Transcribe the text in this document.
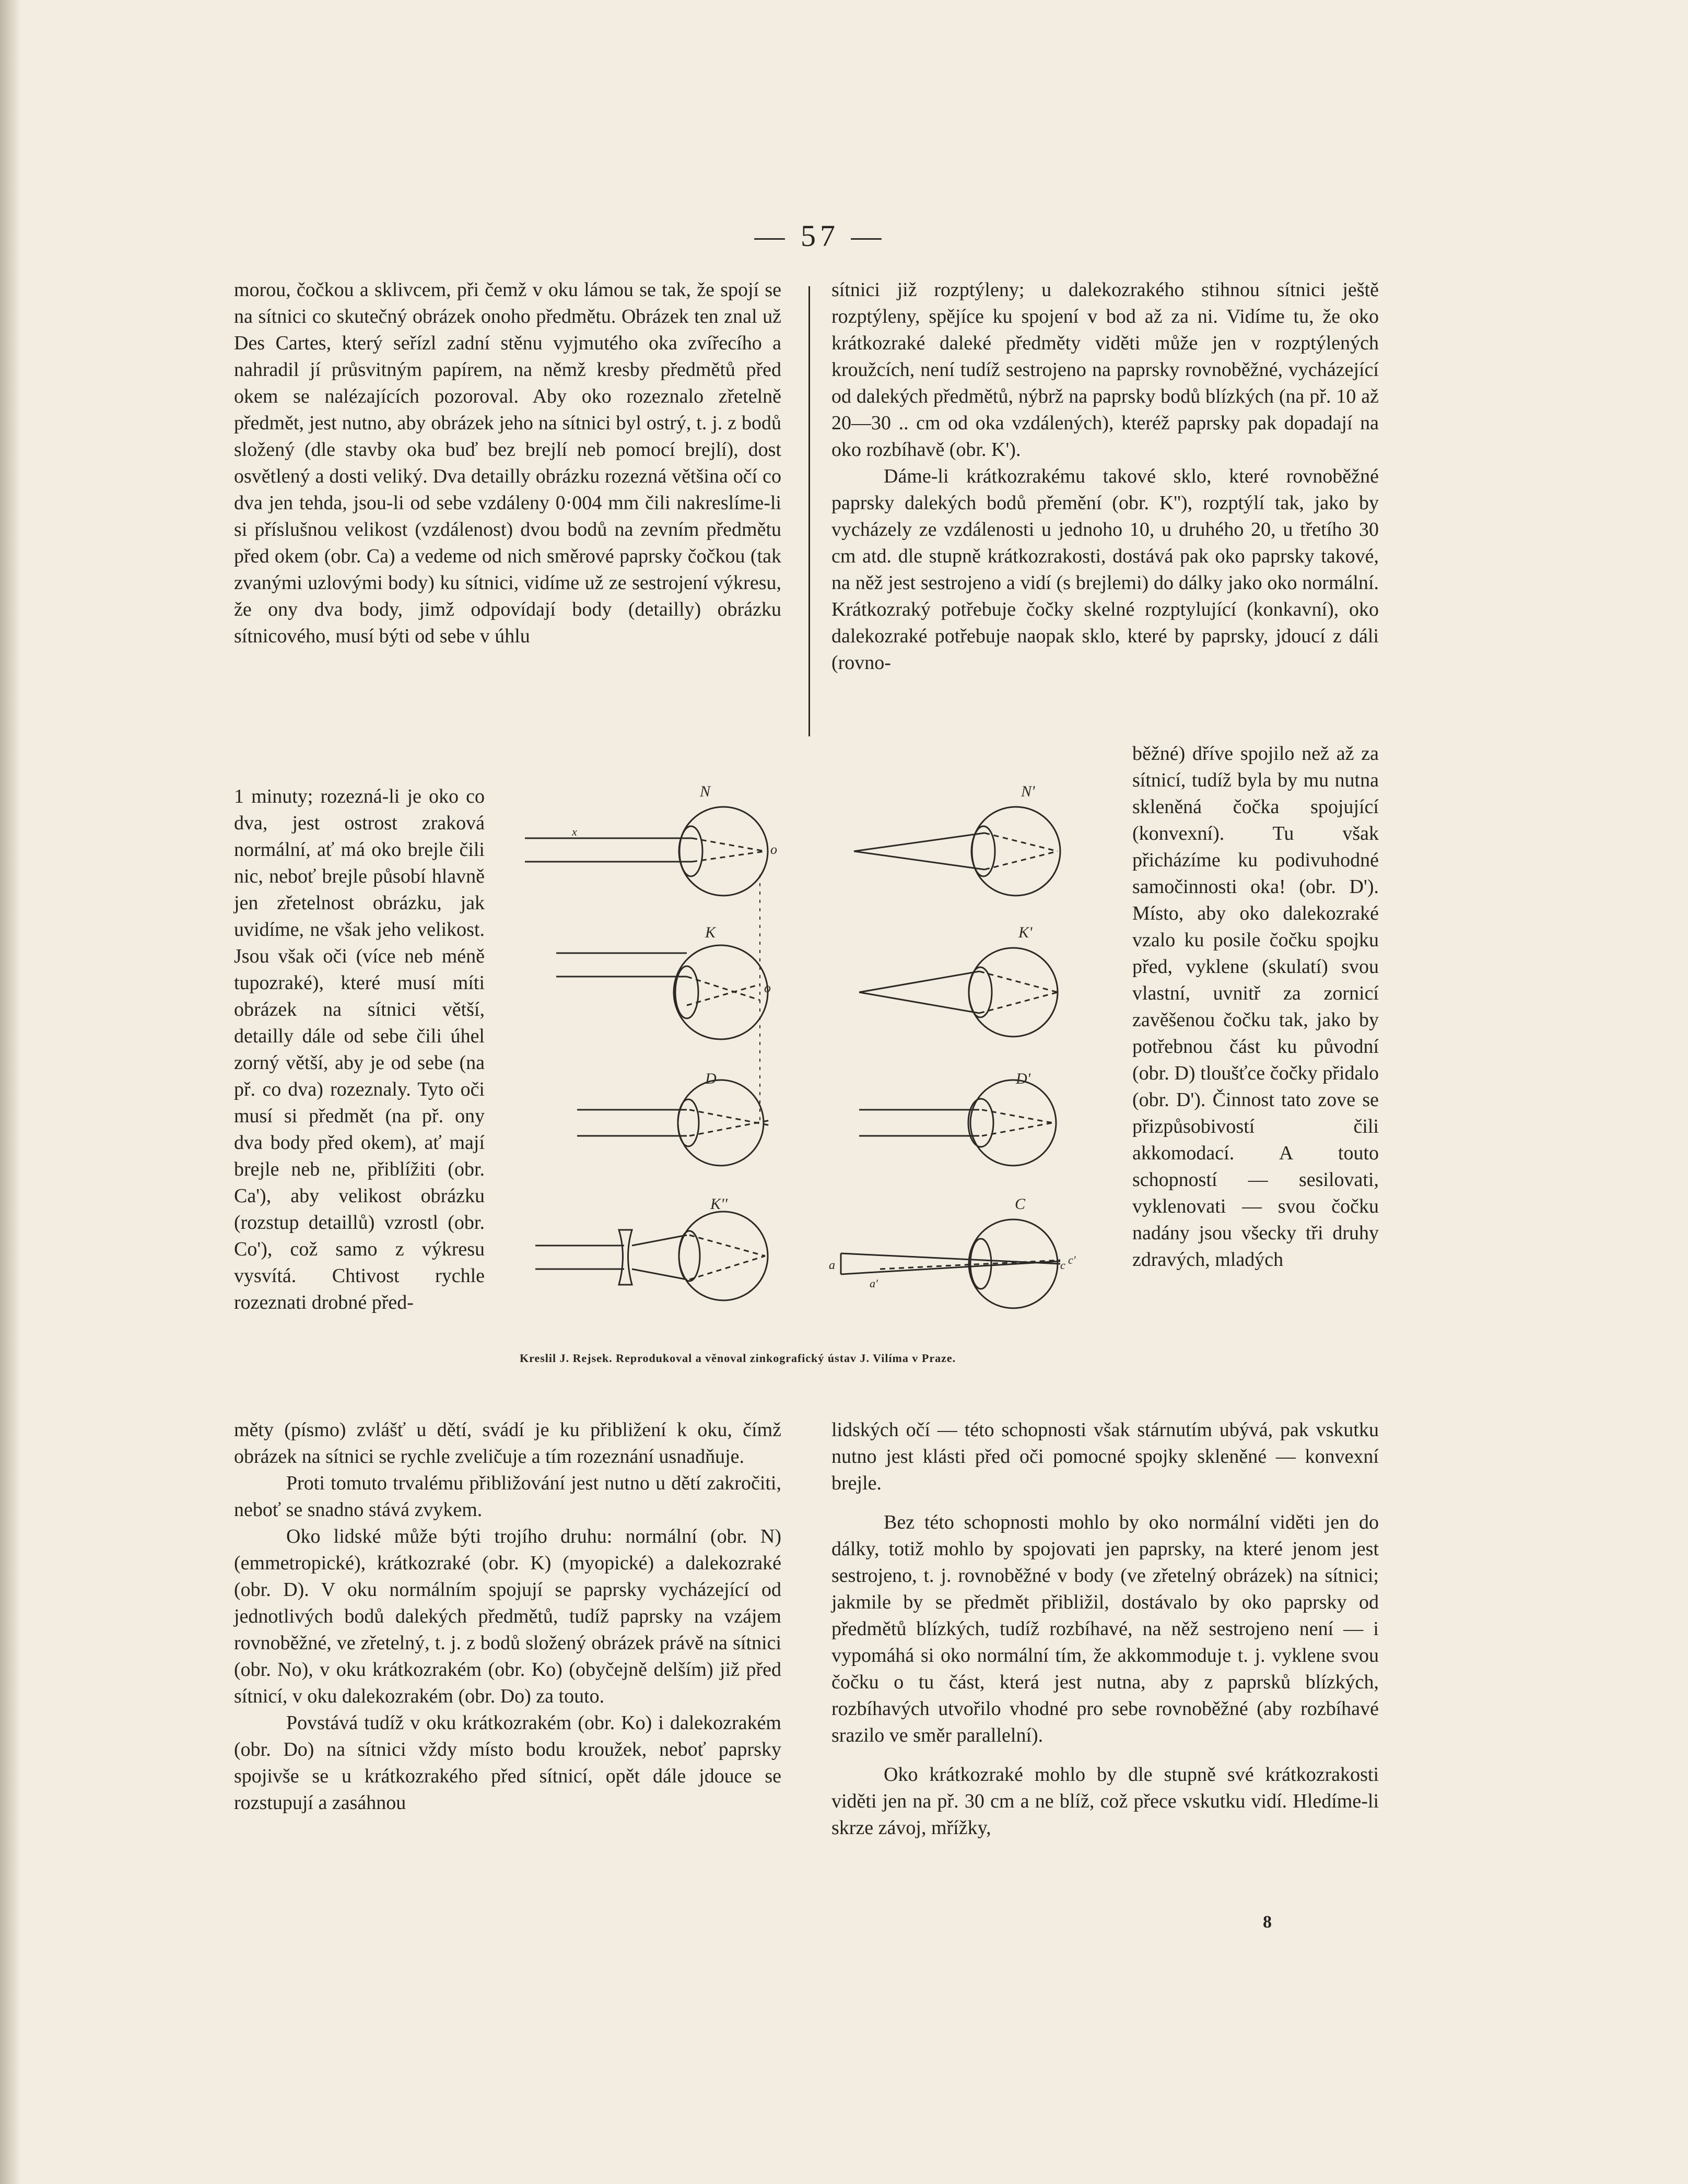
— 57 —

morou, čočkou a sklivcem, při čemž v oku lámou se tak, že spojí se na sítnici co skutečný obrázek onoho předmětu. Obrázek ten znal už Des Cartes, který seřízl zadní stěnu vyjmutého oka zvířecího a nahradil jí průsvitným papírem, na němž kresby předmětů před okem se nalézajících pozoroval. Aby oko rozeznalo zřetelně předmět, jest nutno, aby obrázek jeho na sítnici byl ostrý, t. j. z bodů složený (dle stavby oka buď bez brejlí neb pomocí brejlí), dost osvětlený a dosti veliký. Dva detailly obrázku rozezná většina očí co dva jen tehda, jsou-li od sebe vzdáleny 0·004 mm čili nakreslíme-li si příslušnou velikost (vzdálenost) dvou bodů na zevním předmětu před okem (obr. Ca) a vedeme od nich směrové paprsky čočkou (tak zvanými uzlovými body) ku sítnici, vidíme už ze sestrojení výkresu, že ony dva body, jimž odpovídají body (detailly) obrázku sítnicového, musí býti od sebe v úhlu

1 minuty; rozezná-li je oko co dva, jest ostrost zraková normální, ať má oko brejle čili nic, neboť brejle působí hlavně jen zřetelnost obrázku, jak uvidíme, ne však jeho velikost. Jsou však oči (více neb méně tupozraké), které musí míti obrázek na sítnici větší, detailly dále od sebe čili úhel zorný větší, aby je od sebe (na př. co dva) rozeznaly. Tyto oči musí si předmět (na př. ony dva body před okem), ať mají brejle neb ne, přiblížiti (obr. Ca'), aby velikost obrázku (rozstup detaillů) vzrostl (obr. Co'), což samo z výkresu vysvítá. Chtivost rychle rozeznati drobné před-

měty (písmo) zvlášť u dětí, svádí je ku přibližení k oku, čímž obrázek na sítnici se rychle zveličuje a tím rozeznání usnadňuje.

Proti tomuto trvalému přibližování jest nutno u dětí zakročiti, neboť se snadno stává zvykem.

Oko lidské může býti trojího druhu: normální (obr. N) (emmetropické), krátkozraké (obr. K) (myopické) a dalekozraké (obr. D). V oku normálním spojují se paprsky vycházející od jednotlivých bodů dalekých předmětů, tudíž paprsky na vzájem rovnoběžné, ve zřetelný, t. j. z bodů složený obrázek právě na sítnici (obr. No), v oku krátkozrakém (obr. Ko) (obyčejně delším) již před sítnicí, v oku dalekozrakém (obr. Do) za touto.

Povstává tudíž v oku krátkozrakém (obr. Ko) i dalekozrakém (obr. Do) na sítnici vždy místo bodu kroužek, neboť paprsky spojivše se u krátkozrakého před sítnicí, opět dále jdouce se rozstupují a zasáhnou

sítnici již rozptýleny; u dalekozrakého stihnou sítnici ještě rozptýleny, spějíce ku spojení v bod až za ni. Vidíme tu, že oko krátkozraké daleké předměty viděti může jen v rozptýlených kroužcích, není tudíž sestrojeno na paprsky rovnoběžné, vycházející od dalekých předmětů, nýbrž na paprsky bodů blízkých (na př. 10 až 20—30 .. cm od oka vzdálených), kteréž paprsky pak dopadají na oko rozbíhavě (obr. K').

Dáme-li krátkozrakému takové sklo, které rovnoběžné paprsky dalekých bodů přemění (obr. K''), rozptýlí tak, jako by vycházely ze vzdálenosti u jednoho 10, u druhého 20, u třetího 30 cm atd. dle stupně krátkozrakosti, dostává pak oko paprsky takové, na něž jest sestrojeno a vidí (s brejlemi) do dálky jako oko normální. Krátkozraký potřebuje čočky skelné rozptylující (konkavní), oko dalekozraké potřebuje naopak sklo, které by paprsky, jdoucí z dáli (rovno-

běžné) dříve spojilo než až za sítnicí, tudíž byla by mu nutna skleněná čočka spojující (konvexní). Tu však přicházíme ku podivuhodné samočinnosti oka! (obr. D'). Místo, aby oko dalekozraké vzalo ku posile čočku spojku před, vyklene (skulatí) svou vlastní, uvnitř za zornicí zavěšenou čočku tak, jako by potřebnou část ku původní (obr. D) tloušťce čočky přidalo (obr. D'). Činnost tato zove se přizpůsobivostí čili akkomodací. A touto schopností — sesilovati, vyklenovati — svou čočku nadány jsou všecky tři druhy zdravých, mladých

lidských očí — této schopnosti však stárnutím ubývá, pak vskutku nutno jest klásti před oči pomocné spojky skleněné — konvexní brejle.

Bez této schopnosti mohlo by oko normální viděti jen do dálky, totiž mohlo by spojovati jen paprsky, na které jenom jest sestrojeno, t. j. rovnoběžné v body (ve zřetelný obrázek) na sítnici; jakmile by se předmět přibližil, dostávalo by oko paprsky od předmětů blízkých, tudíž rozbíhavé, na něž sestrojeno není — i vypomáhá si oko normální tím, že akkommoduje t. j. vyklene svou čočku o tu část, která jest nutna, aby z paprsků blízkých, rozbíhavých utvořilo vhodné pro sebe rovnoběžné (aby rozbíhavé srazilo ve směr parallelní).

Oko krátkozraké mohlo by dle stupně své krátkozrakosti viděti jen na př. 30 cm a ne blíž, což přece vskutku vidí. Hledíme-li skrze závoj, mřížky,

N
x
o
N'
K
o
K'
D	D'
K''	C
a
a'
c c'
Kreslil J. Rejsek. Reprodukoval a věnoval zinkografický ústav J. Vilíma v Praze.
8
